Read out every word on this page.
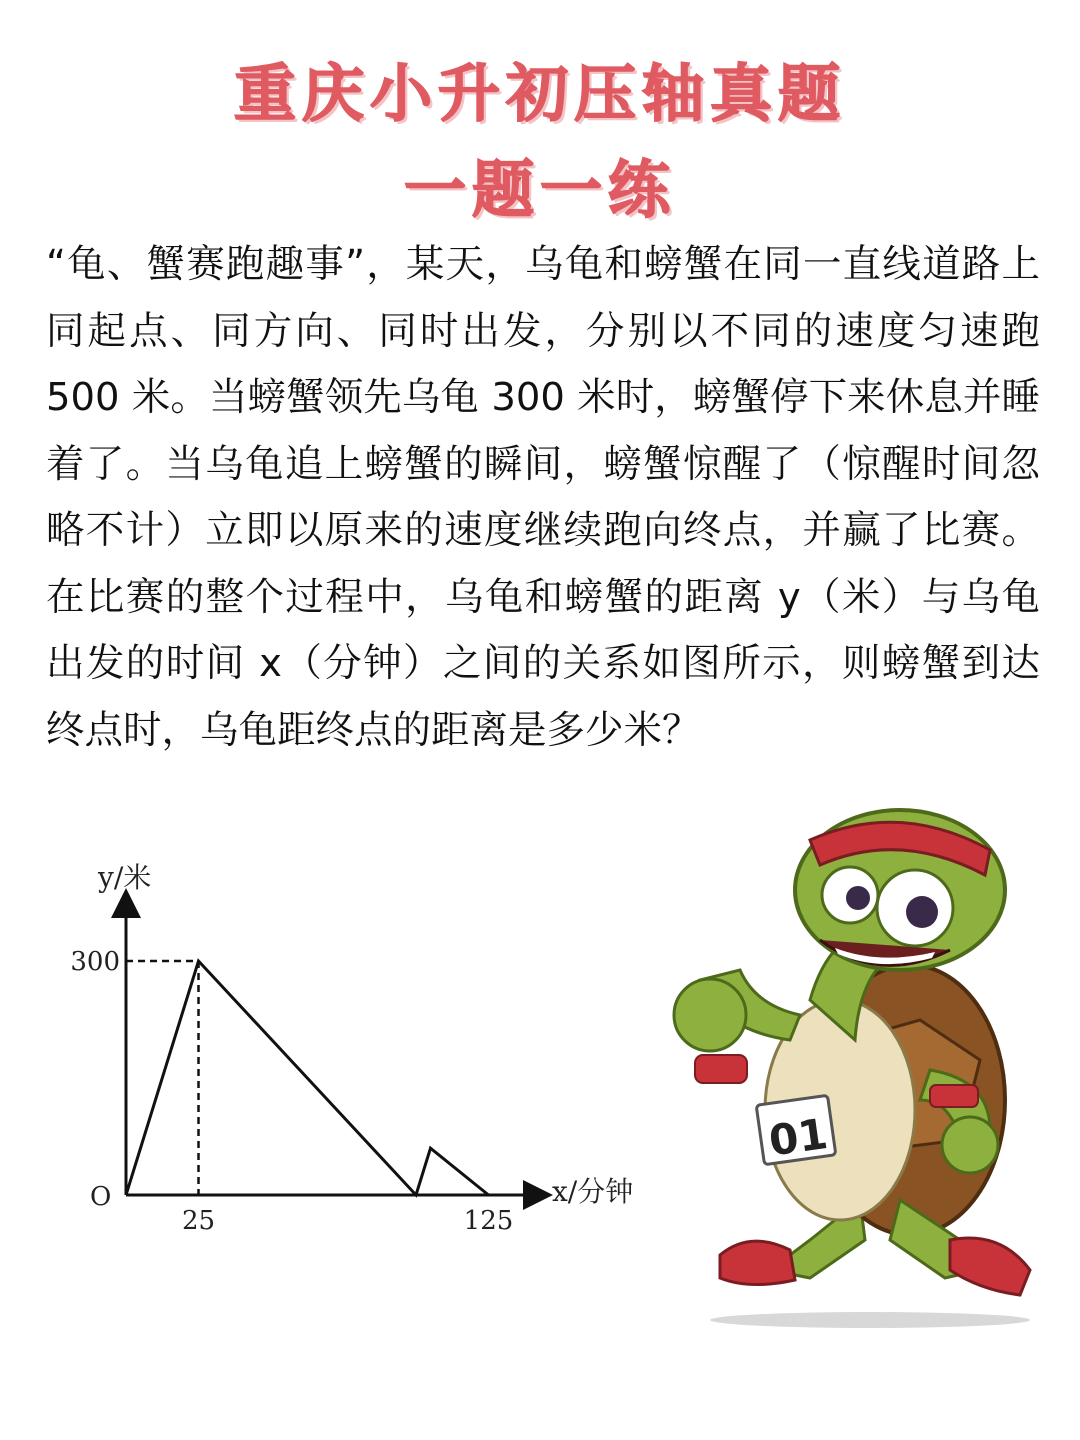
重庆小升初压轴真题
一题一练

“龟、蟹赛跑趣事”，某天，乌龟和螃蟹在同一直线道路上同起点、同方向、同时出发，分别以不同的速度匀速跑 500 米。当螃蟹领先乌龟 300 米时，螃蟹停下来休息并睡着了。当乌龟追上螃蟹的瞬间，螃蟹惊醒了（惊醒时间忽略不计）立即以原来的速度继续跑向终点，并赢了比赛。在比赛的整个过程中，乌龟和螃蟹的距离 y（米）与乌龟出发的时间 x（分钟）之间的关系如图所示，则螃蟹到达终点时，乌龟距终点的距离是多少米？

y/米
x/分钟
O
25	125
300
01
